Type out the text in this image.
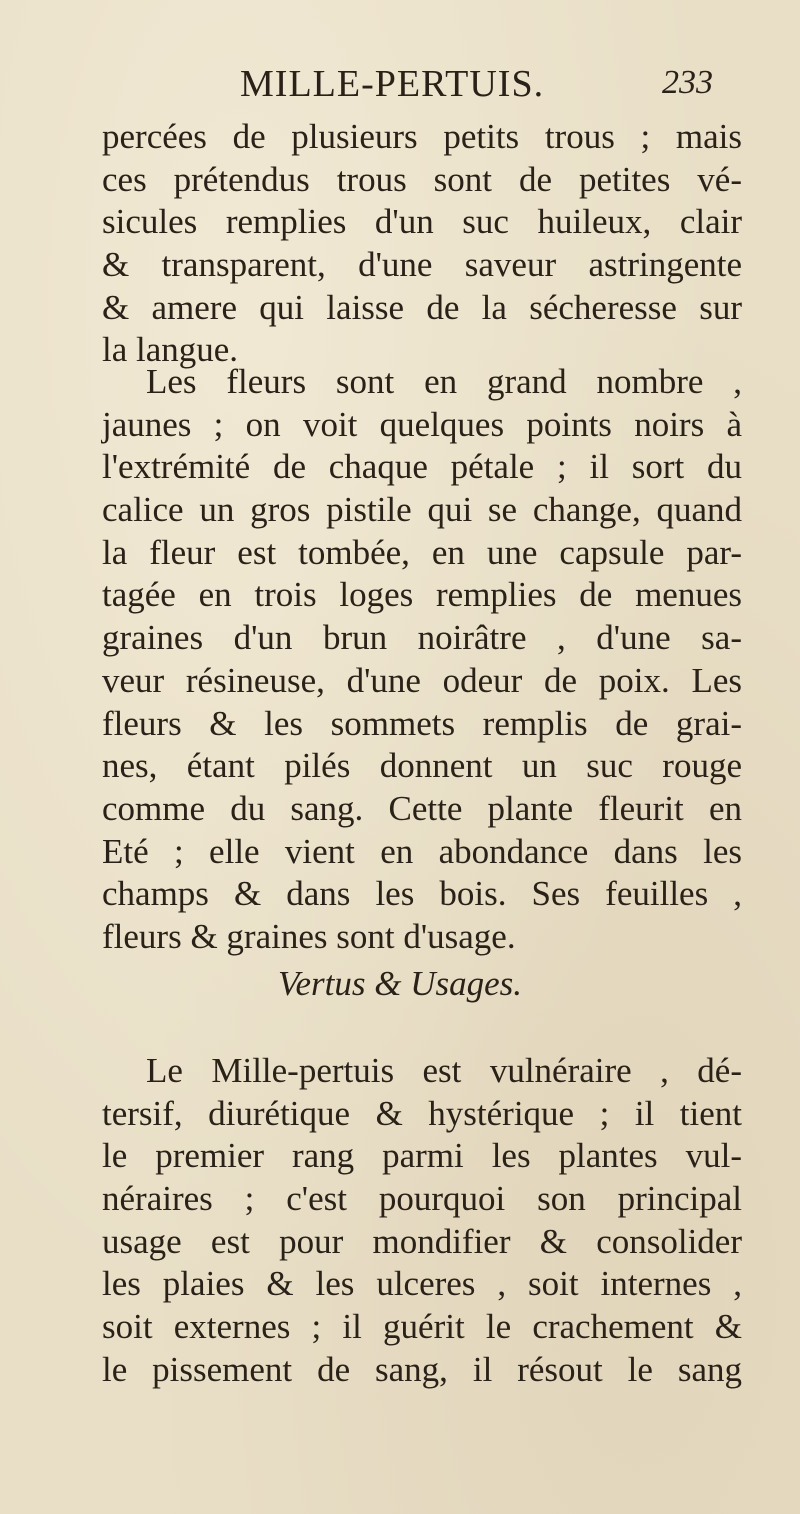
MILLE-PERTUIS.	233
percées de plusieurs petits trous ; mais
ces prétendus trous sont de petites vé-
sicules remplies d'un suc huileux, clair
& transparent, d'une saveur astringente
& amere qui laisse de la sécheresse sur
la langue.
Les fleurs sont en grand nombre ,
jaunes ; on voit quelques points noirs à
l'extrémité de chaque pétale ; il sort du
calice un gros pistile qui se change, quand
la fleur est tombée, en une capsule par-
tagée en trois loges remplies de menues
graines d'un brun noirâtre , d'une sa-
veur résineuse, d'une odeur de poix. Les
fleurs & les sommets remplis de grai-
nes, étant pilés donnent un suc rouge
comme du sang. Cette plante fleurit en
Eté ; elle vient en abondance dans les
champs & dans les bois. Ses feuilles ,
fleurs & graines sont d'usage.
Vertus & Usages.
Le Mille-pertuis est vulnéraire , dé-
tersif, diurétique & hystérique ; il tient
le premier rang parmi les plantes vul-
néraires ; c'est pourquoi son principal
usage est pour mondifier & consolider
les plaies & les ulceres , soit internes ,
soit externes ; il guérit le crachement &
le pissement de sang, il résout le sang
